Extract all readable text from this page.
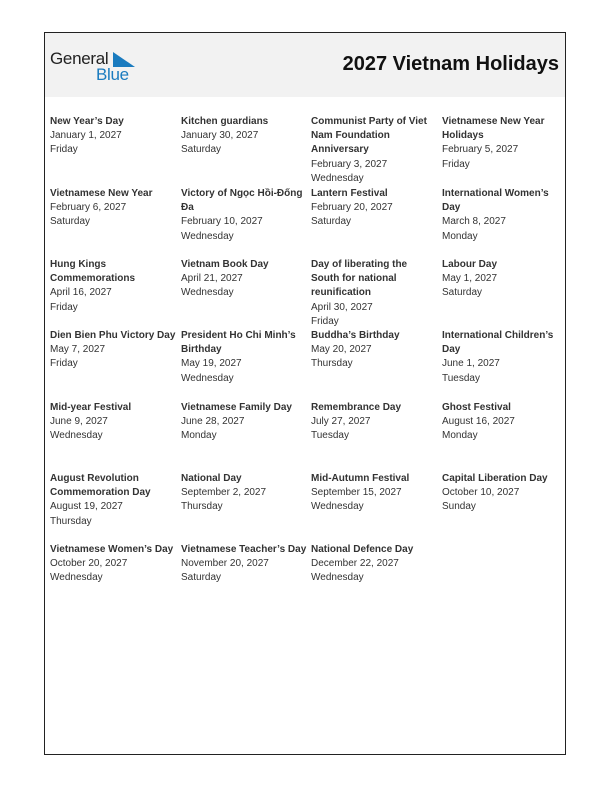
General
Blue	2027 Vietnam Holidays
New Year’s Day
January 1, 2027
Friday
Kitchen guardians
January 30, 2027
Saturday
Communist Party of Viet Nam Foundation Anniversary
February 3, 2027
Wednesday
Vietnamese New Year Holidays
February 5, 2027
Friday
Vietnamese New Year
February 6, 2027
Saturday
Victory of Ngọc Hồi-Đống Đa
February 10, 2027
Wednesday
Lantern Festival
February 20, 2027
Saturday
International Women’s Day
March 8, 2027
Monday
Hung Kings Commemorations
April 16, 2027
Friday
Vietnam Book Day
April 21, 2027
Wednesday
Day of liberating the South for national reunification
April 30, 2027
Friday
Labour Day
May 1, 2027
Saturday
Dien Bien Phu Victory Day
May 7, 2027
Friday
President Ho Chi Minh’s Birthday
May 19, 2027
Wednesday
Buddha’s Birthday
May 20, 2027
Thursday
International Children’s Day
June 1, 2027
Tuesday
Mid-year Festival
June 9, 2027
Wednesday
Vietnamese Family Day
June 28, 2027
Monday
Remembrance Day
July 27, 2027
Tuesday
Ghost Festival
August 16, 2027
Monday
August Revolution Commemoration Day
August 19, 2027
Thursday
National Day
September 2, 2027
Thursday
Mid-Autumn Festival
September 15, 2027
Wednesday
Capital Liberation Day
October 10, 2027
Sunday
Vietnamese Women’s Day
October 20, 2027
Wednesday
Vietnamese Teacher’s Day
November 20, 2027
Saturday
National Defence Day
December 22, 2027
Wednesday
